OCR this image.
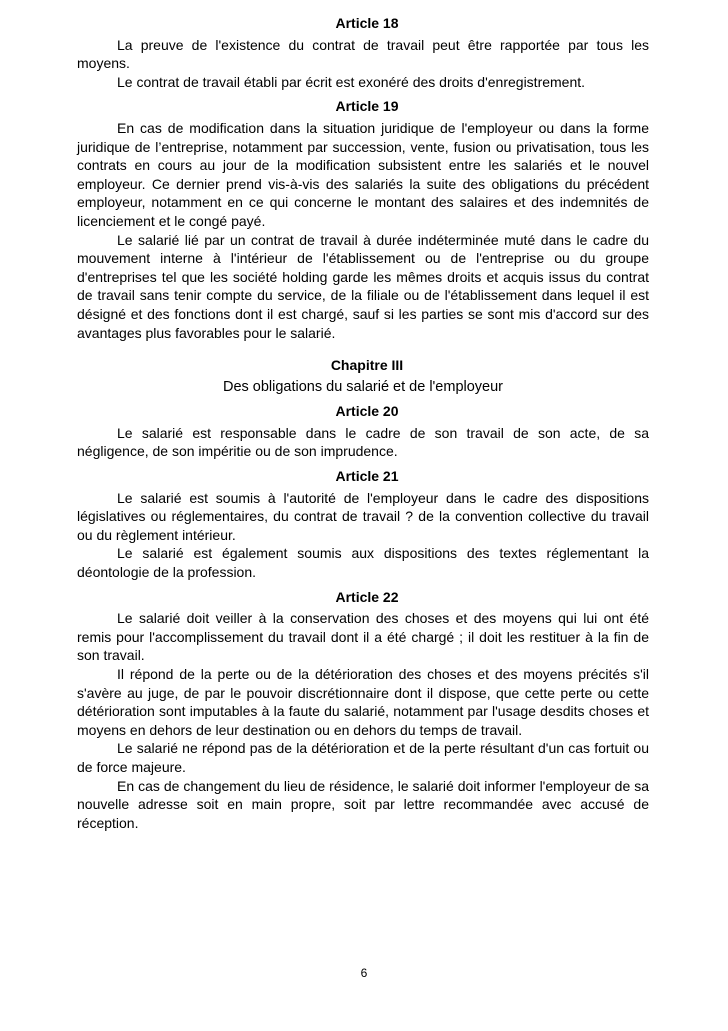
Article 18

La preuve de l'existence du contrat de travail peut être rapportée par tous les moyens.

Le contrat de travail établi par écrit est exonéré des droits d'enregistrement.

Article 19

En cas de modification dans la situation juridique de l'employeur ou dans la forme juridique de l’entreprise, notamment par succession, vente, fusion ou privatisation, tous les contrats en cours au jour de la modification subsistent entre les salariés et le nouvel employeur. Ce dernier prend vis-à-vis des salariés la suite des obligations du précédent employeur, notamment en ce qui concerne le montant des salaires et des indemnités de licenciement et le congé payé.

Le salarié lié par un contrat de travail à durée indéterminée muté dans le cadre du mouvement interne à l'intérieur de l'établissement ou de l'entreprise ou du groupe d'entreprises tel que les société holding garde les mêmes droits et acquis issus du contrat de travail sans tenir compte du service, de la filiale ou de l'établissement dans lequel il est désigné et des fonctions dont il est chargé, sauf si les parties se sont mis d'accord sur des avantages plus favorables pour le salarié.

Chapitre III
Des obligations du salarié et de l'employeur
Article 20

Le salarié est responsable dans le cadre de son travail de son acte, de sa négligence, de son impéritie ou de son imprudence.

Article 21

Le salarié est soumis à l'autorité de l'employeur dans le cadre des dispositions législatives ou réglementaires, du contrat de travail ? de la convention collective du travail ou du règlement intérieur.

Le salarié est également soumis aux dispositions des textes réglementant la déontologie de la profession.

Article 22

Le salarié doit veiller à la conservation des choses et des moyens qui lui ont été remis pour l'accomplissement du travail dont il a été chargé ; il doit les restituer à la fin de son travail.

Il répond de la perte ou de la détérioration des choses et des moyens précités s'il s'avère au juge, de par le pouvoir discrétionnaire dont il dispose, que cette perte ou cette détérioration sont imputables à la faute du salarié, notamment par l'usage desdits choses et moyens en dehors de leur destination ou en dehors du temps de travail.

Le salarié ne répond pas de la détérioration et de la perte résultant d'un cas fortuit ou de force majeure.

En cas de changement du lieu de résidence, le salarié doit informer l'employeur de sa nouvelle adresse soit en main propre, soit par lettre recommandée avec accusé de réception.

6
